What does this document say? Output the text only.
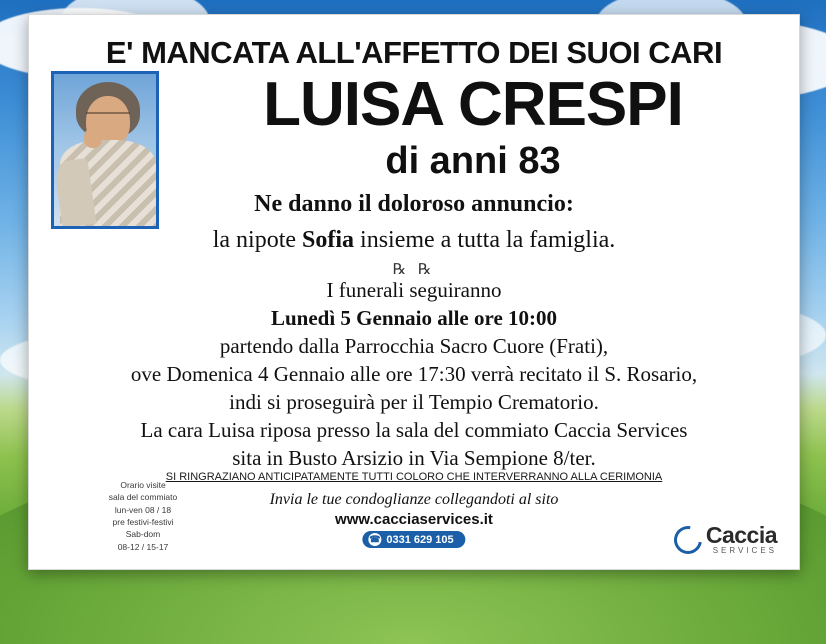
E' MANCATA ALL'AFFETTO DEI SUOI CARI
LUISA CRESPI
di anni 83
Ne danno il doloroso annuncio:
la nipote Sofia insieme a tutta la famiglia.
℞ ℞
I funerali seguiranno
Lunedì 5 Gennaio alle ore 10:00
partendo dalla Parrocchia Sacro Cuore (Frati),
ove Domenica 4 Gennaio alle ore 17:30 verrà recitato il S. Rosario,
indi si proseguirà per il Tempio Crematorio.
La cara Luisa riposa presso la sala del commiato Caccia Services
sita in Busto Arsizio in Via Sempione 8/ter.
Orario visite
sala del commiato
lun-ven 08 / 18
pre festivi-festivi
Sab-dom
08-12 / 15-17
SI RINGRAZIANO ANTICIPATAMENTE TUTTI COLORO CHE INTERVERRANNO ALLA CERIMONIA
Invia le tue condoglianze collegandoti al sito
www.cacciaservices.it
☎ 0331 629 105	Caccia
SERVICES
